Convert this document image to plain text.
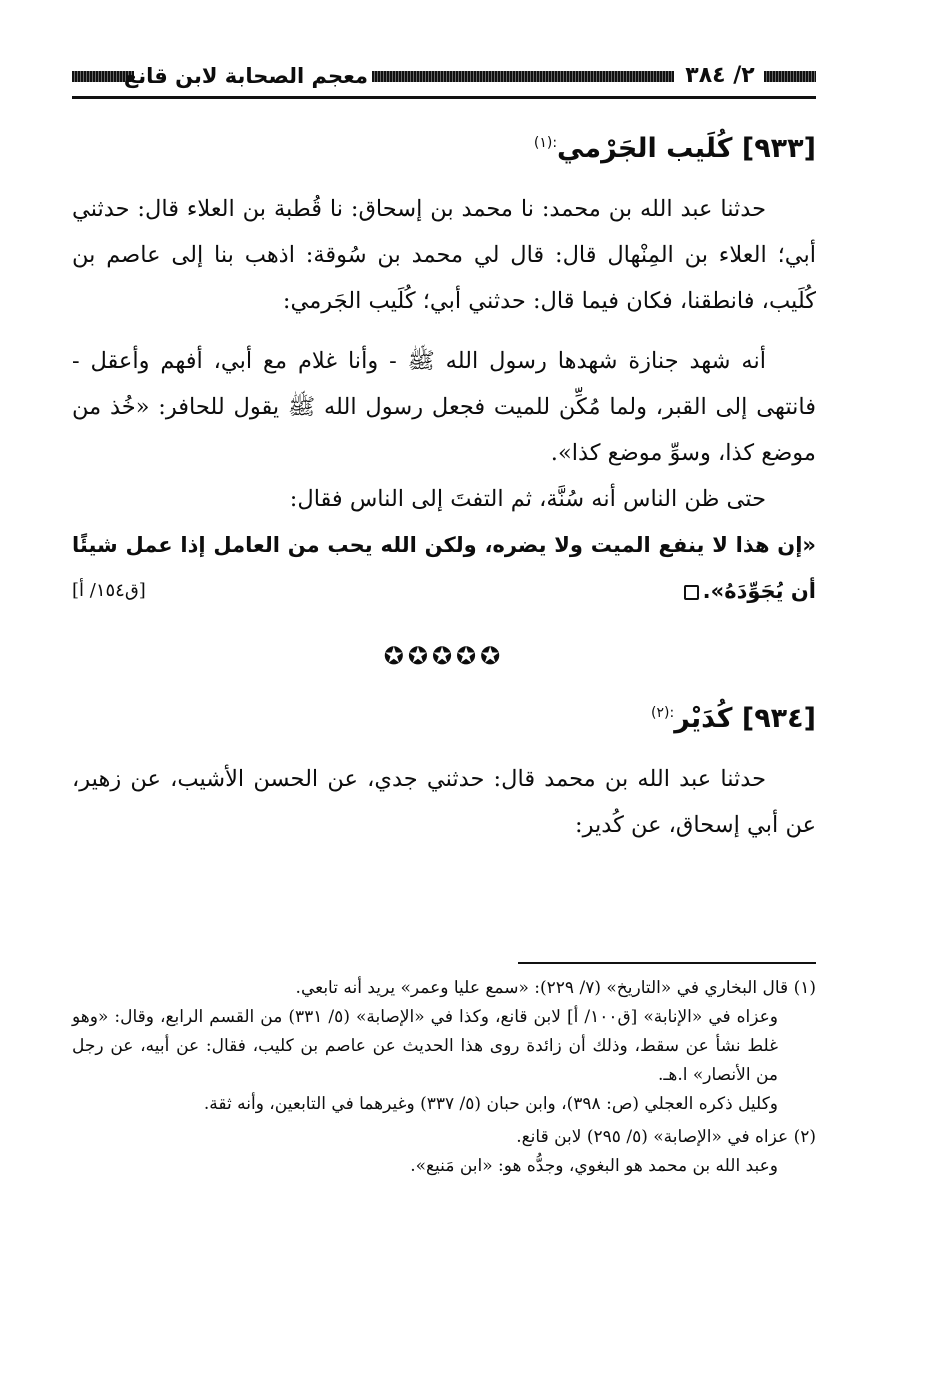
معجم الصحابة لابن قانع	٢/ ٣٨٤
[٩٣٣] كُلَيب الجَرْمي$^{:(١)}$

حدثنا عبد الله بن محمد: نا محمد بن إسحاق: نا قُطبة بن العلاء قال: حدثني أبي؛ العلاء بن المِنْهال قال: قال لي محمد بن سُوقة: اذهب بنا إلى عاصم بن كُلَيب، فانطقنا، فكان فيما قال: حدثني أبي؛ كُلَيب الجَرمي:

أنه شهد جنازة شهدها رسول الله ﷺ - وأنا غلام مع أبي، أفهم وأعقل - فانتهى إلى القبر، ولما مُكِّن للميت فجعل رسول الله ﷺ يقول للحافر: «خُذ من موضع كذا، وسوِّ موضع كذا».

حتى ظن الناس أنه سُنَّة، ثم التفتَ إلى الناس فقال:

«إن هذا لا ينفع الميت ولا يضره، ولكن الله يحب من العامل إذا عمل شيئًا أن يُجَوِّدَهُ».
[ق١٥٤/ أ]

✪✪✪✪✪
[٩٣٤] كُدَيْر$^{:(٢)}$

حدثنا عبد الله بن محمد قال: حدثني جدي، عن الحسن الأشيب، عن زهير، عن أبي إسحاق، عن كُدير:

(١) قال البخاري في «التاريخ» (٧/ ٢٢٩): «سمع عليا وعمر» يريد أنه تابعي.

وعزاه في «الإنابة» [ق١٠٠/ أ] لابن قانع، وكذا في «الإصابة» (٥/ ٣٣١) من القسم الرابع، وقال: «وهو غلط نشأ عن سقط، وذلك أن زائدة روى هذا الحديث عن عاصم بن كليب، فقال: عن أبيه، عن رجل من الأنصار» ا.هـ.

وكليل ذكره العجلي (ص: ٣٩٨)، وابن حبان (٥/ ٣٣٧) وغيرهما في التابعين، وأنه ثقة.

(٢) عزاه في «الإصابة» (٥/ ٢٩٥) لابن قانع.

وعبد الله بن محمد هو البغوي، وجدُّه هو: «ابن مَنيع».
